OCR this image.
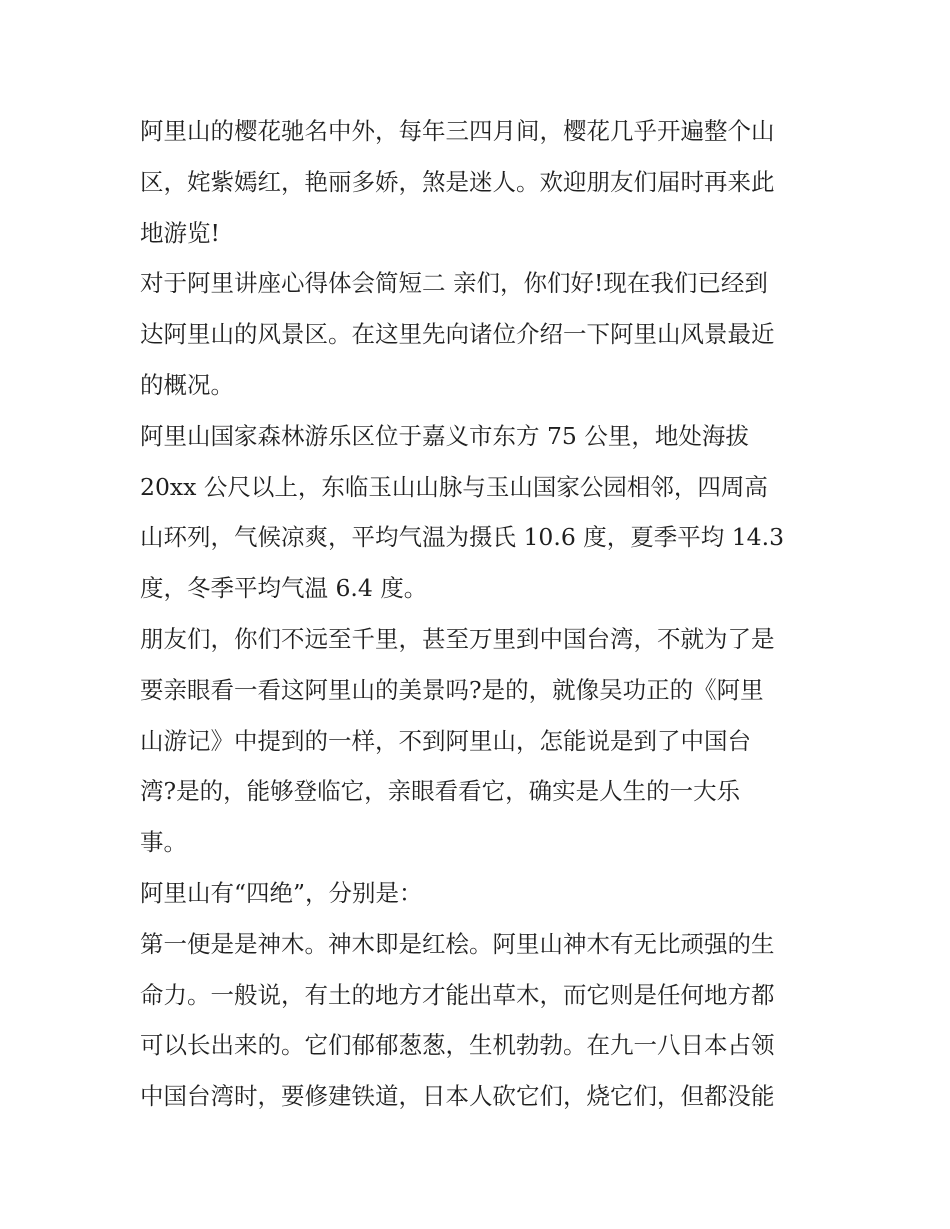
阿里山的樱花驰名中外，每年三四月间，樱花几乎开遍整个山
区，姹紫嫣红，艳丽多娇，煞是迷人。欢迎朋友们届时再来此
地游览!

对于阿里讲座心得体会简短二 亲们，你们好!现在我们已经到
达阿里山的风景区。在这里先向诸位介绍一下阿里山风景最近
的概况。

阿里山国家森林游乐区位于嘉义市东方 75 公里，地处海拔
20xx 公尺以上，东临玉山山脉与玉山国家公园相邻，四周高
山环列，气候凉爽，平均气温为摄氏 10.6 度，夏季平均 14.3
度，冬季平均气温 6.4 度。

朋友们，你们不远至千里，甚至万里到中国台湾，不就为了是
要亲眼看一看这阿里山的美景吗?是的，就像吴功正的《阿里
山游记》中提到的一样，不到阿里山，怎能说是到了中国台
湾?是的，能够登临它，亲眼看看它，确实是人生的一大乐
事。

阿里山有“四绝”，分别是：

第一便是是神木。神木即是红桧。阿里山神木有无比顽强的生
命力。一般说，有土的地方才能出草木，而它则是任何地方都
可以长出来的。它们郁郁葱葱，生机勃勃。在九一八日本占领
中国台湾时，要修建铁道，日本人砍它们，烧它们，但都没能
